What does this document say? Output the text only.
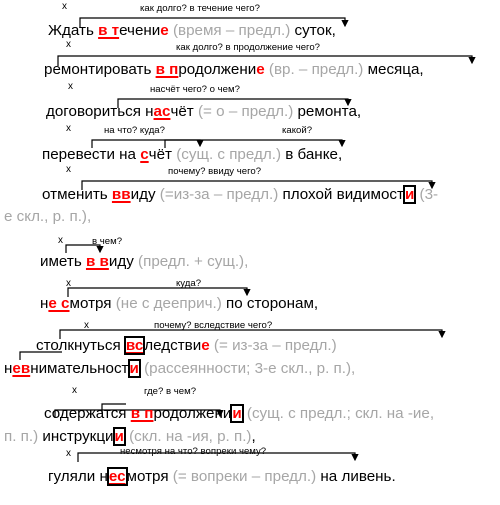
x	как долго? в течение чего?
Ждать в течение (время – предл.) суток,
x	как долго? в продолжение чего?
ремонтировать в продолжение (вр. – предл.) месяца,
x	насчёт чего? о чем?
договориться насчёт (= о – предл.) ремонта,
x	на что? куда?	какой?
перевести на счёт (сущ. с предл.) в банке,
x	почему? ввиду чего?
отменить ввиду (=из-за – предл.) плохой видимости (3-
е скл., р. п.),
x	в чем?
иметь в виду (предл. + сущ.),
x	куда?
не смотря (не с дееприч.) по сторонам,
x	почему? вследствие чего?
столкнуться вследствие (= из-за – предл.)
невнимательности (рассеянности; 3-е скл., р. п.),
x	где? в чем?
содержатся в продолжении (сущ. с предл.; скл. на -ие,
п. п.) инструкции (скл. на -ия, р. п.),
x	несмотря на что? вопреки чему?
гуляли несмотря (= вопреки – предл.) на ливень.
